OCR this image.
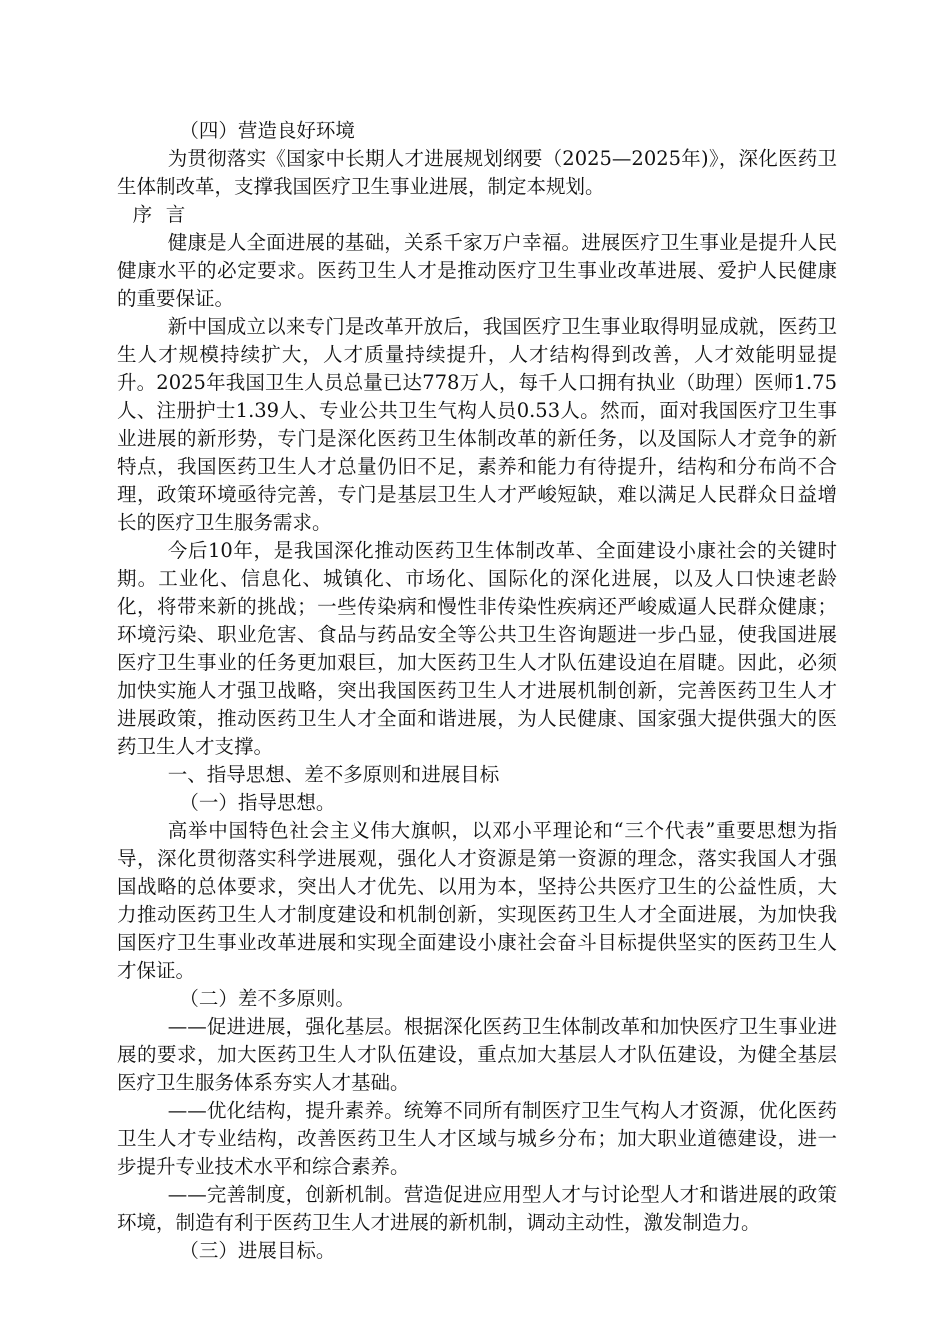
（四）营造良好环境

为贯彻落实《国家中长期人才进展规划纲要（2025—2025年)》，深化医药卫生体制改革，支撑我国医疗卫生事业进展，制定本规划。

序言

健康是人全面进展的基础，关系千家万户幸福。进展医疗卫生事业是提升人民健康水平的必定要求。医药卫生人才是推动医疗卫生事业改革进展、爱护人民健康的重要保证。

新中国成立以来专门是改革开放后，我国医疗卫生事业取得明显成就，医药卫生人才规模持续扩大，人才质量持续提升，人才结构得到改善，人才效能明显提升。2025年我国卫生人员总量已达778万人，每千人口拥有执业（助理）医师1.75人、注册护士1.39人、专业公共卫生气构人员0.53人。然而，面对我国医疗卫生事业进展的新形势，专门是深化医药卫生体制改革的新任务，以及国际人才竞争的新特点，我国医药卫生人才总量仍旧不足，素养和能力有待提升，结构和分布尚不合理，政策环境亟待完善，专门是基层卫生人才严峻短缺，难以满足人民群众日益增长的医疗卫生服务需求。

今后10年，是我国深化推动医药卫生体制改革、全面建设小康社会的关键时期。工业化、信息化、城镇化、市场化、国际化的深化进展，以及人口快速老龄化，将带来新的挑战；一些传染病和慢性非传染性疾病还严峻威逼人民群众健康；环境污染、职业危害、食品与药品安全等公共卫生咨询题进一步凸显，使我国进展医疗卫生事业的任务更加艰巨，加大医药卫生人才队伍建设迫在眉睫。因此，必须加快实施人才强卫战略，突出我国医药卫生人才进展机制创新，完善医药卫生人才进展政策，推动医药卫生人才全面和谐进展，为人民健康、国家强大提供强大的医药卫生人才支撑。

一、指导思想、差不多原则和进展目标

（一）指导思想。

高举中国特色社会主义伟大旗帜，以邓小平理论和“三个代表”重要思想为指导，深化贯彻落实科学进展观，强化人才资源是第一资源的理念，落实我国人才强国战略的总体要求，突出人才优先、以用为本，坚持公共医疗卫生的公益性质，大力推动医药卫生人才制度建设和机制创新，实现医药卫生人才全面进展，为加快我国医疗卫生事业改革进展和实现全面建设小康社会奋斗目标提供坚实的医药卫生人才保证。

（二）差不多原则。

——促进进展，强化基层。根据深化医药卫生体制改革和加快医疗卫生事业进展的要求，加大医药卫生人才队伍建设，重点加大基层人才队伍建设，为健全基层医疗卫生服务体系夯实人才基础。

——优化结构，提升素养。统筹不同所有制医疗卫生气构人才资源，优化医药卫生人才专业结构，改善医药卫生人才区域与城乡分布；加大职业道德建设，进一步提升专业技术水平和综合素养。

——完善制度，创新机制。营造促进应用型人才与讨论型人才和谐进展的政策环境，制造有利于医药卫生人才进展的新机制，调动主动性，激发制造力。

（三）进展目标。
